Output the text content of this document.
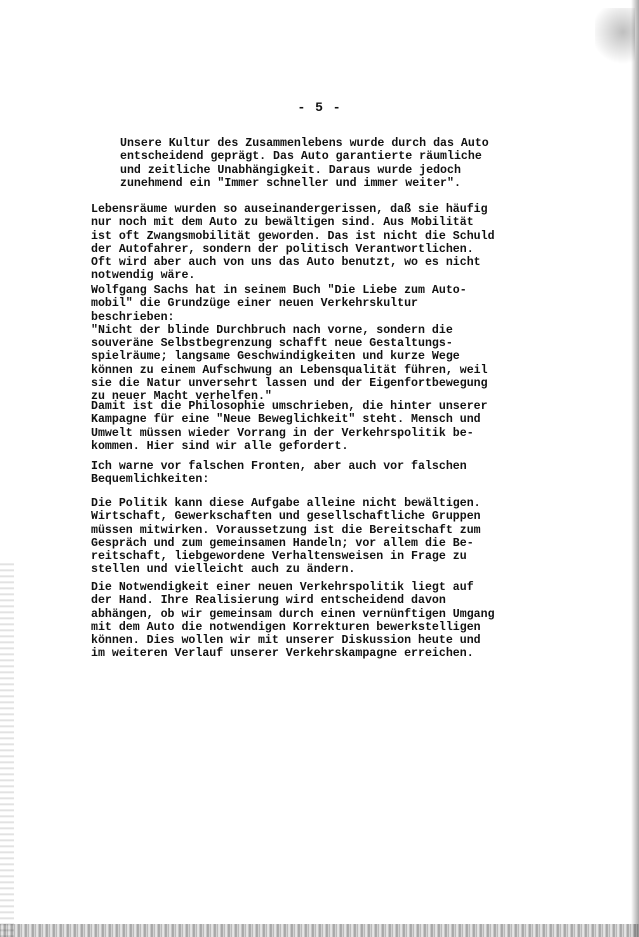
- 5 -
Unsere Kultur des Zusammenlebens wurde durch das Auto
entscheidend geprägt. Das Auto garantierte räumliche
und zeitliche Unabhängigkeit. Daraus wurde jedoch
zunehmend ein "Immer schneller und immer weiter".
Lebensräume wurden so auseinandergerissen, daß sie häufig
nur noch mit dem Auto zu bewältigen sind. Aus Mobilität
ist oft Zwangsmobilität geworden. Das ist nicht die Schuld
der Autofahrer, sondern der politisch Verantwortlichen.
Oft wird aber auch von uns das Auto benutzt, wo es nicht
notwendig wäre.
Wolfgang Sachs hat in seinem Buch "Die Liebe zum Auto-
mobil" die Grundzüge einer neuen Verkehrskultur
beschrieben:
"Nicht der blinde Durchbruch nach vorne, sondern die
souveräne Selbstbegrenzung schafft neue Gestaltungs-
spielräume; langsame Geschwindigkeiten und kurze Wege
können zu einem Aufschwung an Lebensqualität führen, weil
sie die Natur unversehrt lassen und der Eigenfortbewegung
zu neuer Macht verhelfen."
Damit ist die Philosophie umschrieben, die hinter unserer
Kampagne für eine "Neue Beweglichkeit" steht. Mensch und
Umwelt müssen wieder Vorrang in der Verkehrspolitik be-
kommen. Hier sind wir alle gefordert.
Ich warne vor falschen Fronten, aber auch vor falschen
Bequemlichkeiten:
Die Politik kann diese Aufgabe alleine nicht bewältigen.
Wirtschaft, Gewerkschaften und gesellschaftliche Gruppen
müssen mitwirken. Voraussetzung ist die Bereitschaft zum
Gespräch und zum gemeinsamen Handeln; vor allem die Be-
reitschaft, liebgewordene Verhaltensweisen in Frage zu
stellen und vielleicht auch zu ändern.
Die Notwendigkeit einer neuen Verkehrspolitik liegt auf
der Hand. Ihre Realisierung wird entscheidend davon
abhängen, ob wir gemeinsam durch einen vernünftigen Umgang
mit dem Auto die notwendigen Korrekturen bewerkstelligen
können. Dies wollen wir mit unserer Diskussion heute und
im weiteren Verlauf unserer Verkehrskampagne erreichen.
